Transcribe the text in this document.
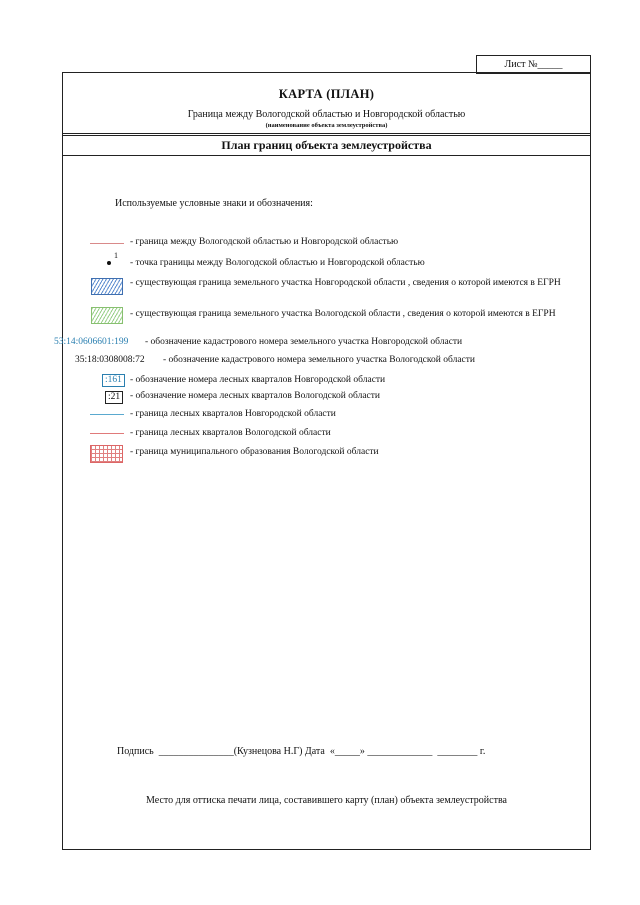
Лист №_____
КАРТА (ПЛАН)
Граница между Вологодской областью и Новгородской областью
(наименование объекта землеустройства)
План границ объекта землеустройства
Используемые условные знаки и обозначения:
- граница между Вологодской областью и Новгородской областью
1
- точка границы между Вологодской областью и Новгородской областью
- существующая граница земельного участка Новгородской области , сведения о которой имеются в ЕГРН
- существующая граница земельного участка Вологодской области , сведения о которой имеются в ЕГРН
53:14:0606601:199 - обозначение кадастрового номера земельного участка Новгородской области
35:18:0308008:72 - обозначение кадастрового номера земельного участка Вологодской области
:161 - обозначение номера лесных кварталов Новгородской области
:21	- обозначение номера лесных кварталов Вологодской области
- граница лесных кварталов Новгородской области
- граница лесных кварталов Вологодской области
- граница муниципального образования Вологодской области
Подпись  _______________(Кузнецова Н.Г) Дата  «_____» _____________  ________ г.
Место для оттиска печати лица, составившего карту (план) объекта землеустройства
